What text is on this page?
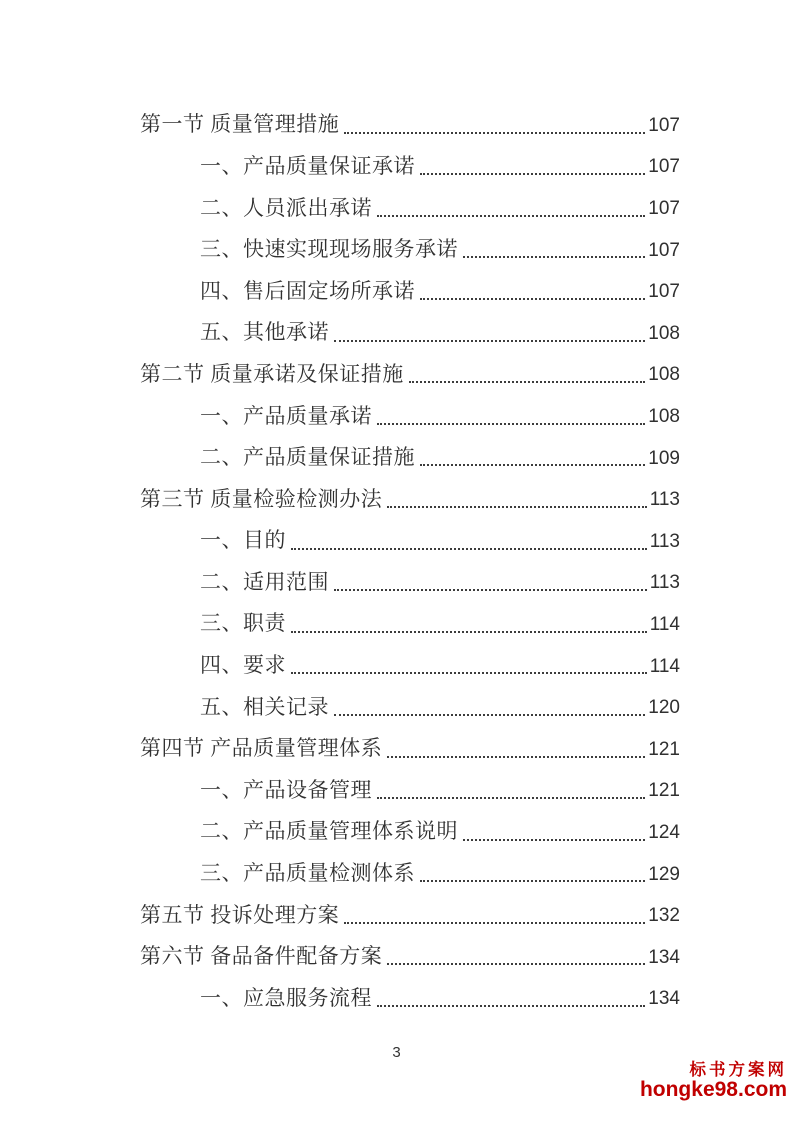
第一节 质量管理措施	107
一、产品质量保证承诺	107
二、人员派出承诺	107
三、快速实现现场服务承诺	107
四、售后固定场所承诺	107
五、其他承诺	108
第二节 质量承诺及保证措施	108
一、产品质量承诺	108
二、产品质量保证措施	109
第三节 质量检验检测办法	113
一、目的	113
二、适用范围	113
三、职责	114
四、要求	114
五、相关记录	120
第四节 产品质量管理体系	121
一、产品设备管理	121
二、产品质量管理体系说明	124
三、产品质量检测体系	129
第五节 投诉处理方案	132
第六节 备品备件配备方案	134
一、应急服务流程	134
3
标书方案网
hongke98.com
